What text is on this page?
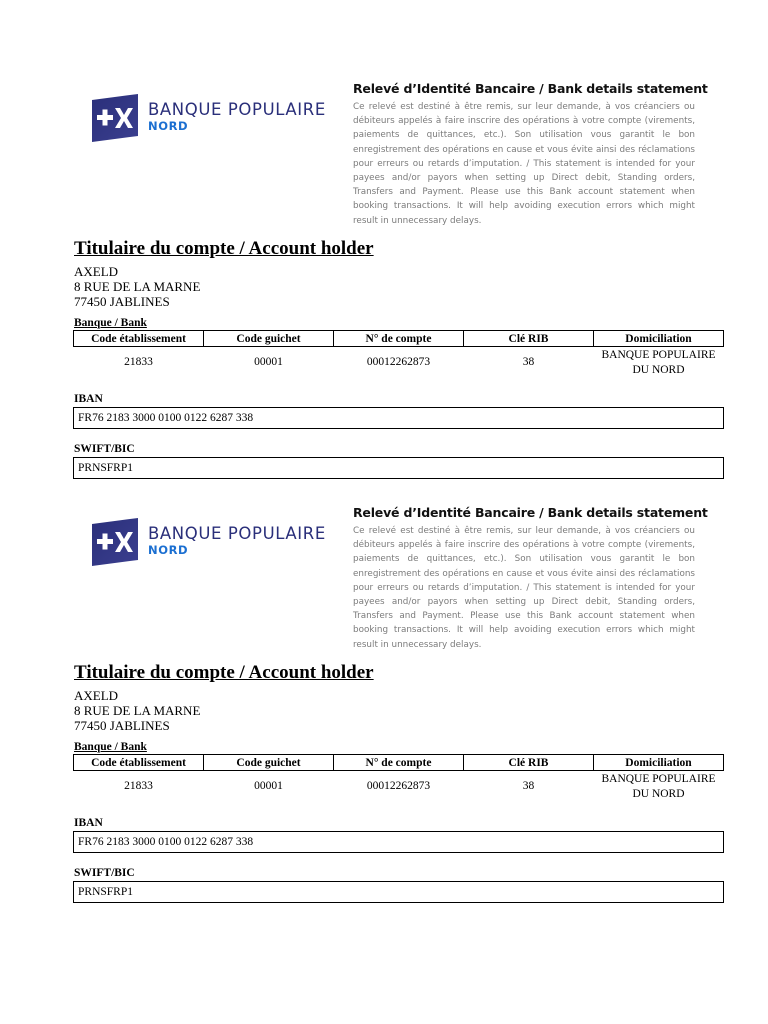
BANQUE POPULAIRE
NORD
Relevé d’Identité Bancaire / Bank details statement
Ce relevé est destiné à être remis, sur leur demande, à vos créanciers ou débiteurs appelés à faire inscrire des opérations à votre compte (virements, paiements de quittances, etc.). Son utilisation vous garantit le bon enregistrement des opérations en cause et vous évite ainsi des réclamations pour erreurs ou retards d’imputation. / This statement is intended for your payees and/or payors when setting up Direct debit, Standing orders, Transfers and Payment. Please use this Bank account statement when booking transactions. It will help avoiding execution errors which might result in unnecessary delays.
Titulaire du compte / Account holder
AXELD
8 RUE DE LA MARNE
77450 JABLINES
Banque / Bank
Code établissement	Code guichet	N° de compte	Clé RIB	Domiciliation
21833	00001	00012262873	38	BANQUE POPULAIRE
DU NORD
IBAN
FR76 2183 3000 0100 0122 6287 338
SWIFT/BIC
PRNSFRP1
BANQUE POPULAIRE
NORD
Relevé d’Identité Bancaire / Bank details statement
Ce relevé est destiné à être remis, sur leur demande, à vos créanciers ou débiteurs appelés à faire inscrire des opérations à votre compte (virements, paiements de quittances, etc.). Son utilisation vous garantit le bon enregistrement des opérations en cause et vous évite ainsi des réclamations pour erreurs ou retards d’imputation. / This statement is intended for your payees and/or payors when setting up Direct debit, Standing orders, Transfers and Payment. Please use this Bank account statement when booking transactions. It will help avoiding execution errors which might result in unnecessary delays.
Titulaire du compte / Account holder
AXELD
8 RUE DE LA MARNE
77450 JABLINES
Banque / Bank
Code établissement	Code guichet	N° de compte	Clé RIB	Domiciliation
21833	00001	00012262873	38	BANQUE POPULAIRE
DU NORD
IBAN
FR76 2183 3000 0100 0122 6287 338
SWIFT/BIC
PRNSFRP1
